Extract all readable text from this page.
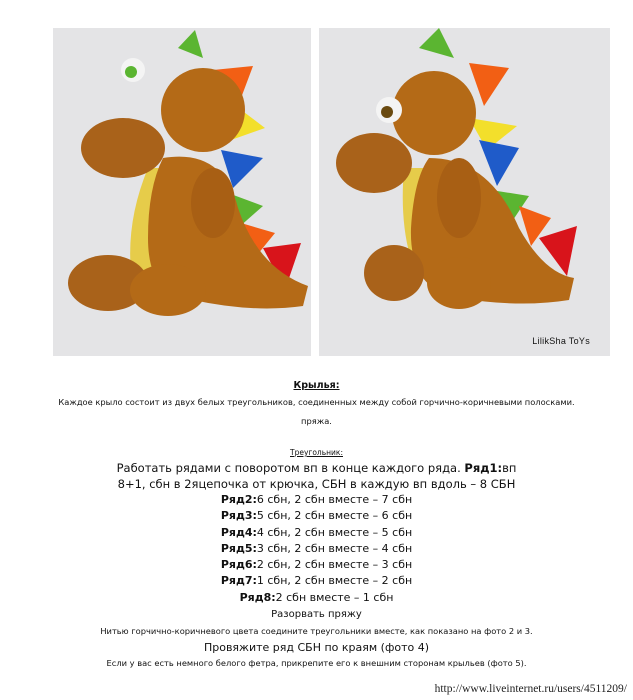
LilikSha ToYs
Крылья:
Каждое крыло состоит из двух белых треугольников, соединенных между собой горчично-коричневыми полосками.
пряжа.
Треугольник:
Работать рядами с поворотом вп в конце каждого ряда. Ряд1:вп
8+1, сбн в 2яцепочка от крючка, СБН в каждую вп вдоль – 8 СБН
Ряд2:6 сбн, 2 сбн вместе – 7 сбн
Ряд3:5 сбн, 2 сбн вместе – 6 сбн
Ряд4:4 сбн, 2 сбн вместе – 5 сбн
Ряд5:3 сбн, 2 сбн вместе – 4 сбн
Ряд6:2 сбн, 2 сбн вместе – 3 сбн
Ряд7:1 сбн, 2 сбн вместе – 2 сбн
Ряд8:2 сбн вместе – 1 сбн
Разорвать пряжу
Нитью горчично-коричневого цвета соедините треугольники вместе, как показано на фото 2 и 3.
Провяжите ряд СБН по краям (фото 4)
Если у вас есть немного белого фетра, прикрепите его к внешним сторонам крыльев (фото 5).
http://www.liveinternet.ru/users/4511209/
